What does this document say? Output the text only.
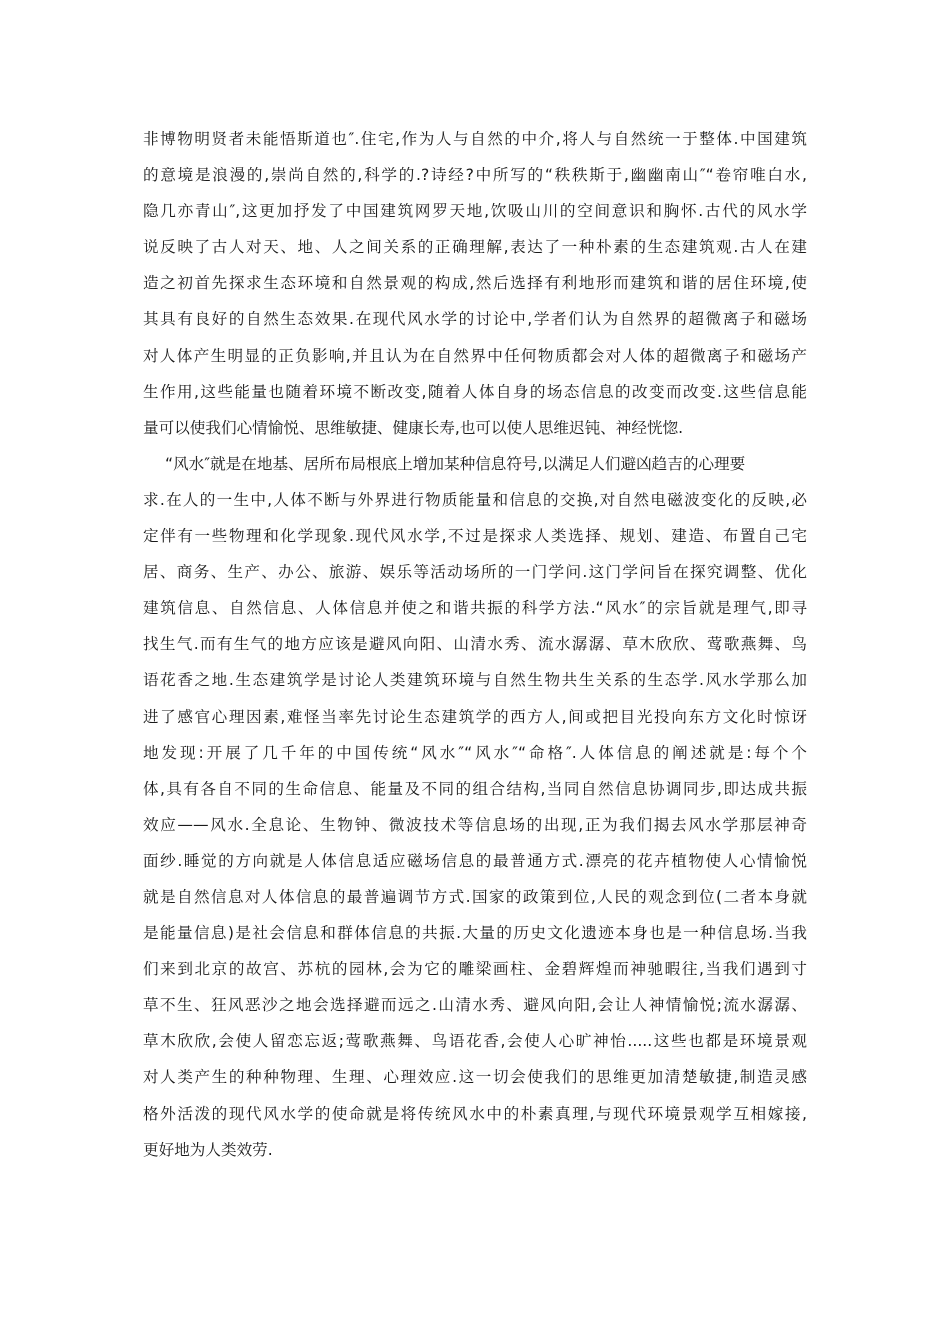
非博物明贤者未能悟斯道也″.住宅,作为人与自然的中介,将人与自然统一于整体.中国建筑
的意境是浪漫的,崇尚自然的,科学的.?诗经?中所写的“秩秩斯于,幽幽南山″“卷帘唯白水,
隐几亦青山″,这更加抒发了中国建筑网罗天地,饮吸山川的空间意识和胸怀.古代的风水学
说反映了古人对天、地、人之间关系的正确理解,表达了一种朴素的生态建筑观.古人在建
造之初首先探求生态环境和自然景观的构成,然后选择有利地形而建筑和谐的居住环境,使
其具有良好的自然生态效果.在现代风水学的讨论中,学者们认为自然界的超微离子和磁场
对人体产生明显的正负影响,并且认为在自然界中任何物质都会对人体的超微离子和磁场产
生作用,这些能量也随着环境不断改变,随着人体自身的场态信息的改变而改变.这些信息能
量可以使我们心情愉悦、思维敏捷、健康长寿,也可以使人思维迟钝、神经恍惚.
“风水″就是在地基、居所布局根底上增加某种信息符号,以满足人们避凶趋吉的心理要
求.在人的一生中,人体不断与外界进行物质能量和信息的交换,对自然电磁波变化的反映,必
定伴有一些物理和化学现象.现代风水学,不过是探求人类选择、规划、建造、布置自己宅
居、商务、生产、办公、旅游、娱乐等活动场所的一门学问.这门学问旨在探究调整、优化
建筑信息、自然信息、人体信息并使之和谐共振的科学方法.“风水″的宗旨就是理气,即寻
找生气.而有生气的地方应该是避风向阳、山清水秀、流水潺潺、草木欣欣、莺歌燕舞、鸟
语花香之地.生态建筑学是讨论人类建筑环境与自然生物共生关系的生态学.风水学那么加
进了感官心理因素,难怪当率先讨论生态建筑学的西方人,间或把目光投向东方文化时惊讶
地发现:开展了几千年的中国传统“风水″“风水″“命格″.人体信息的阐述就是:每个个
体,具有各自不同的生命信息、能量及不同的组合结构,当同自然信息协调同步,即达成共振
效应——风水.全息论、生物钟、微波技术等信息场的出现,正为我们揭去风水学那层神奇
面纱.睡觉的方向就是人体信息适应磁场信息的最普通方式.漂亮的花卉植物使人心情愉悦
就是自然信息对人体信息的最普遍调节方式.国家的政策到位,人民的观念到位(二者本身就
是能量信息)是社会信息和群体信息的共振.大量的历史文化遗迹本身也是一种信息场.当我
们来到北京的故宫、苏杭的园林,会为它的雕梁画柱、金碧辉煌而神驰暇往,当我们遇到寸
草不生、狂风恶沙之地会选择避而远之.山清水秀、避风向阳,会让人神情愉悦;流水潺潺、
草木欣欣,会使人留恋忘返;莺歌燕舞、鸟语花香,会使人心旷神怡.....这些也都是环境景观
对人类产生的种种物理、生理、心理效应.这一切会使我们的思维更加清楚敏捷,制造灵感
格外活泼的现代风水学的使命就是将传统风水中的朴素真理,与现代环境景观学互相嫁接,
更好地为人类效劳.
